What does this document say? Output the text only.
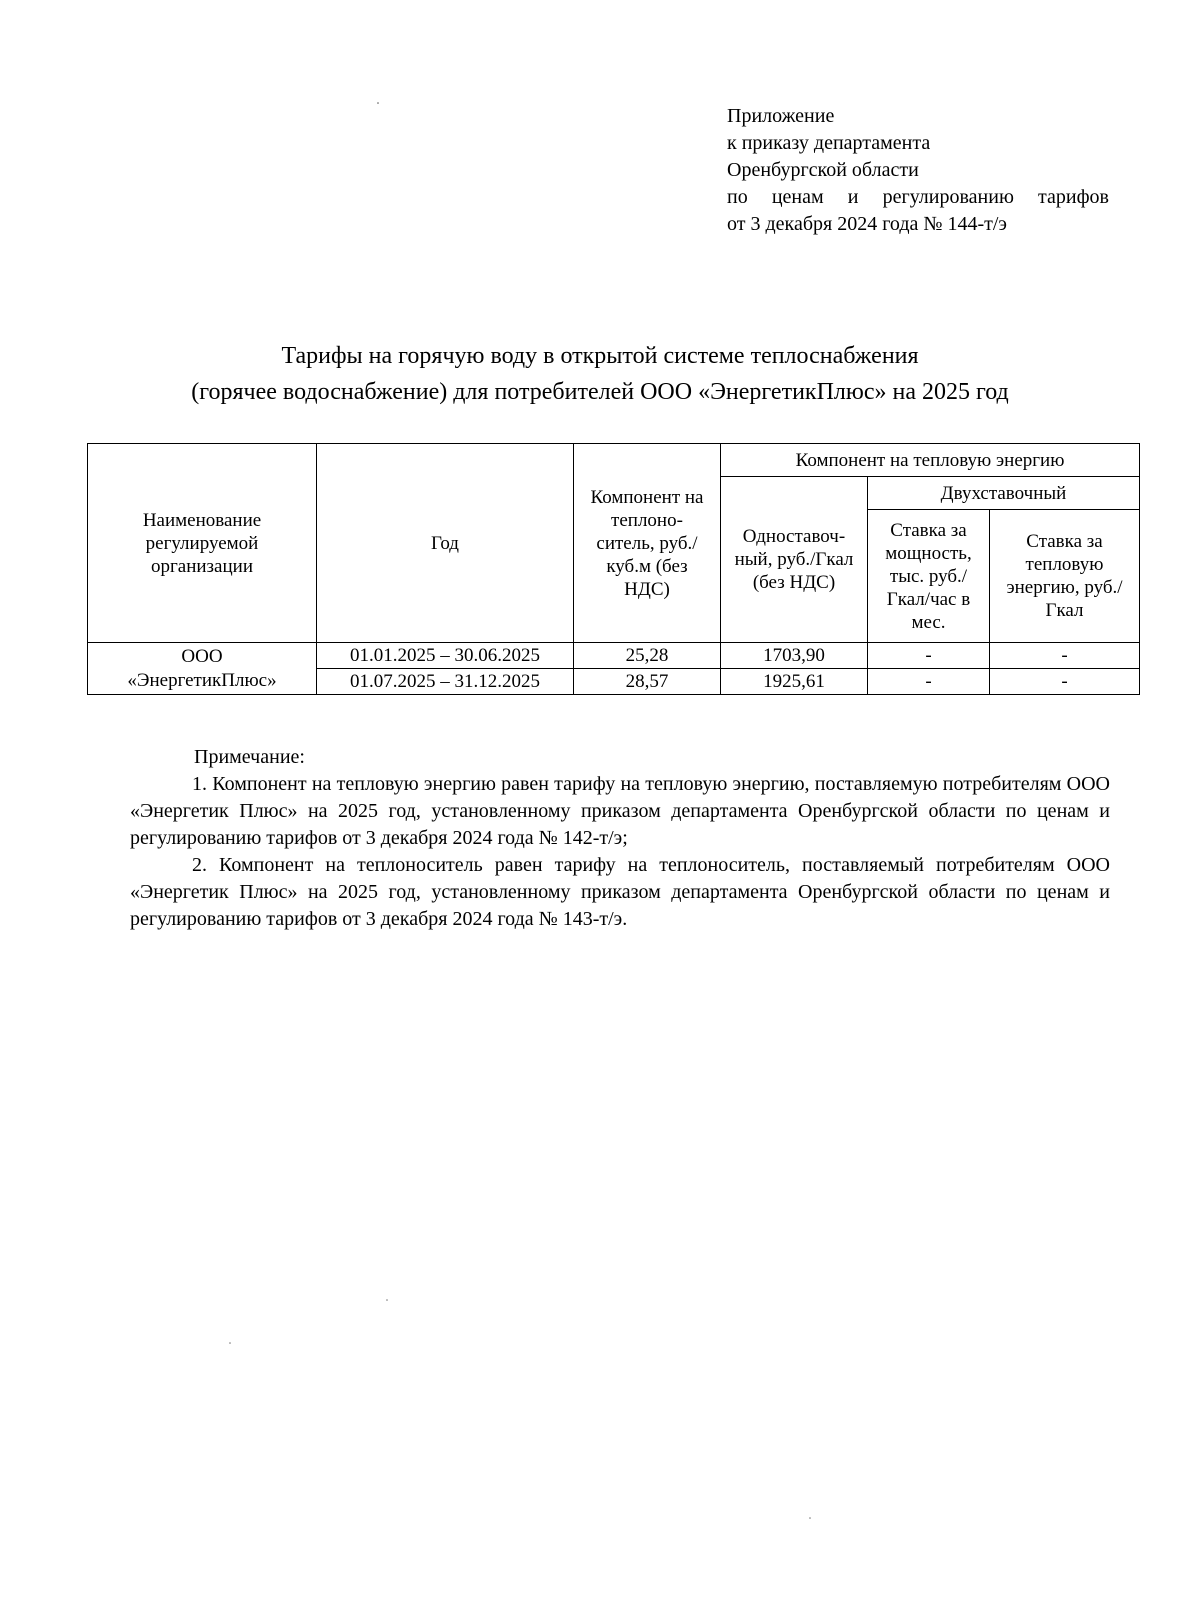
Приложение
к приказу департамента
Оренбургской области
по ценам и регулированию тарифов
от 3 декабря 2024 года № 144-т/э
Тарифы на горячую воду в открытой системе теплоснабжения
(горячее водоснабжение) для потребителей ООО «ЭнергетикПлюс» на 2025 год
Наименование регулируемой организации	Год	Компонент на теплоно-ситель, руб./куб.м (без НДС)	Компонент на тепловую энергию		
			Одноставоч-ный, руб./Гкал (без НДС)	Двухставочный	
				Ставка за мощность, тыс. руб./ Гкал/час в мес.	Ставка за тепловую энергию, руб./Гкал

ООО
«ЭнергетикПлюс»	01.01.2025 – 30.06.2025	25,28	1703,90	-	-
	01.07.2025 – 31.12.2025	28,57	1925,61	-	-
Примечание:

1. Компонент на тепловую энергию равен тарифу на тепловую энергию, поставляемую потребителям ООО «Энергетик Плюс» на 2025 год, установленному приказом департамента Оренбургской области по ценам и регулированию тарифов от 3 декабря 2024 года № 142-т/э;

2. Компонент на теплоноситель равен тарифу на теплоноситель, поставляемый потребителям ООО «Энергетик Плюс» на 2025 год, установленному приказом департамента Оренбургской области по ценам и регулированию тарифов от 3 декабря 2024 года № 143-т/э.
